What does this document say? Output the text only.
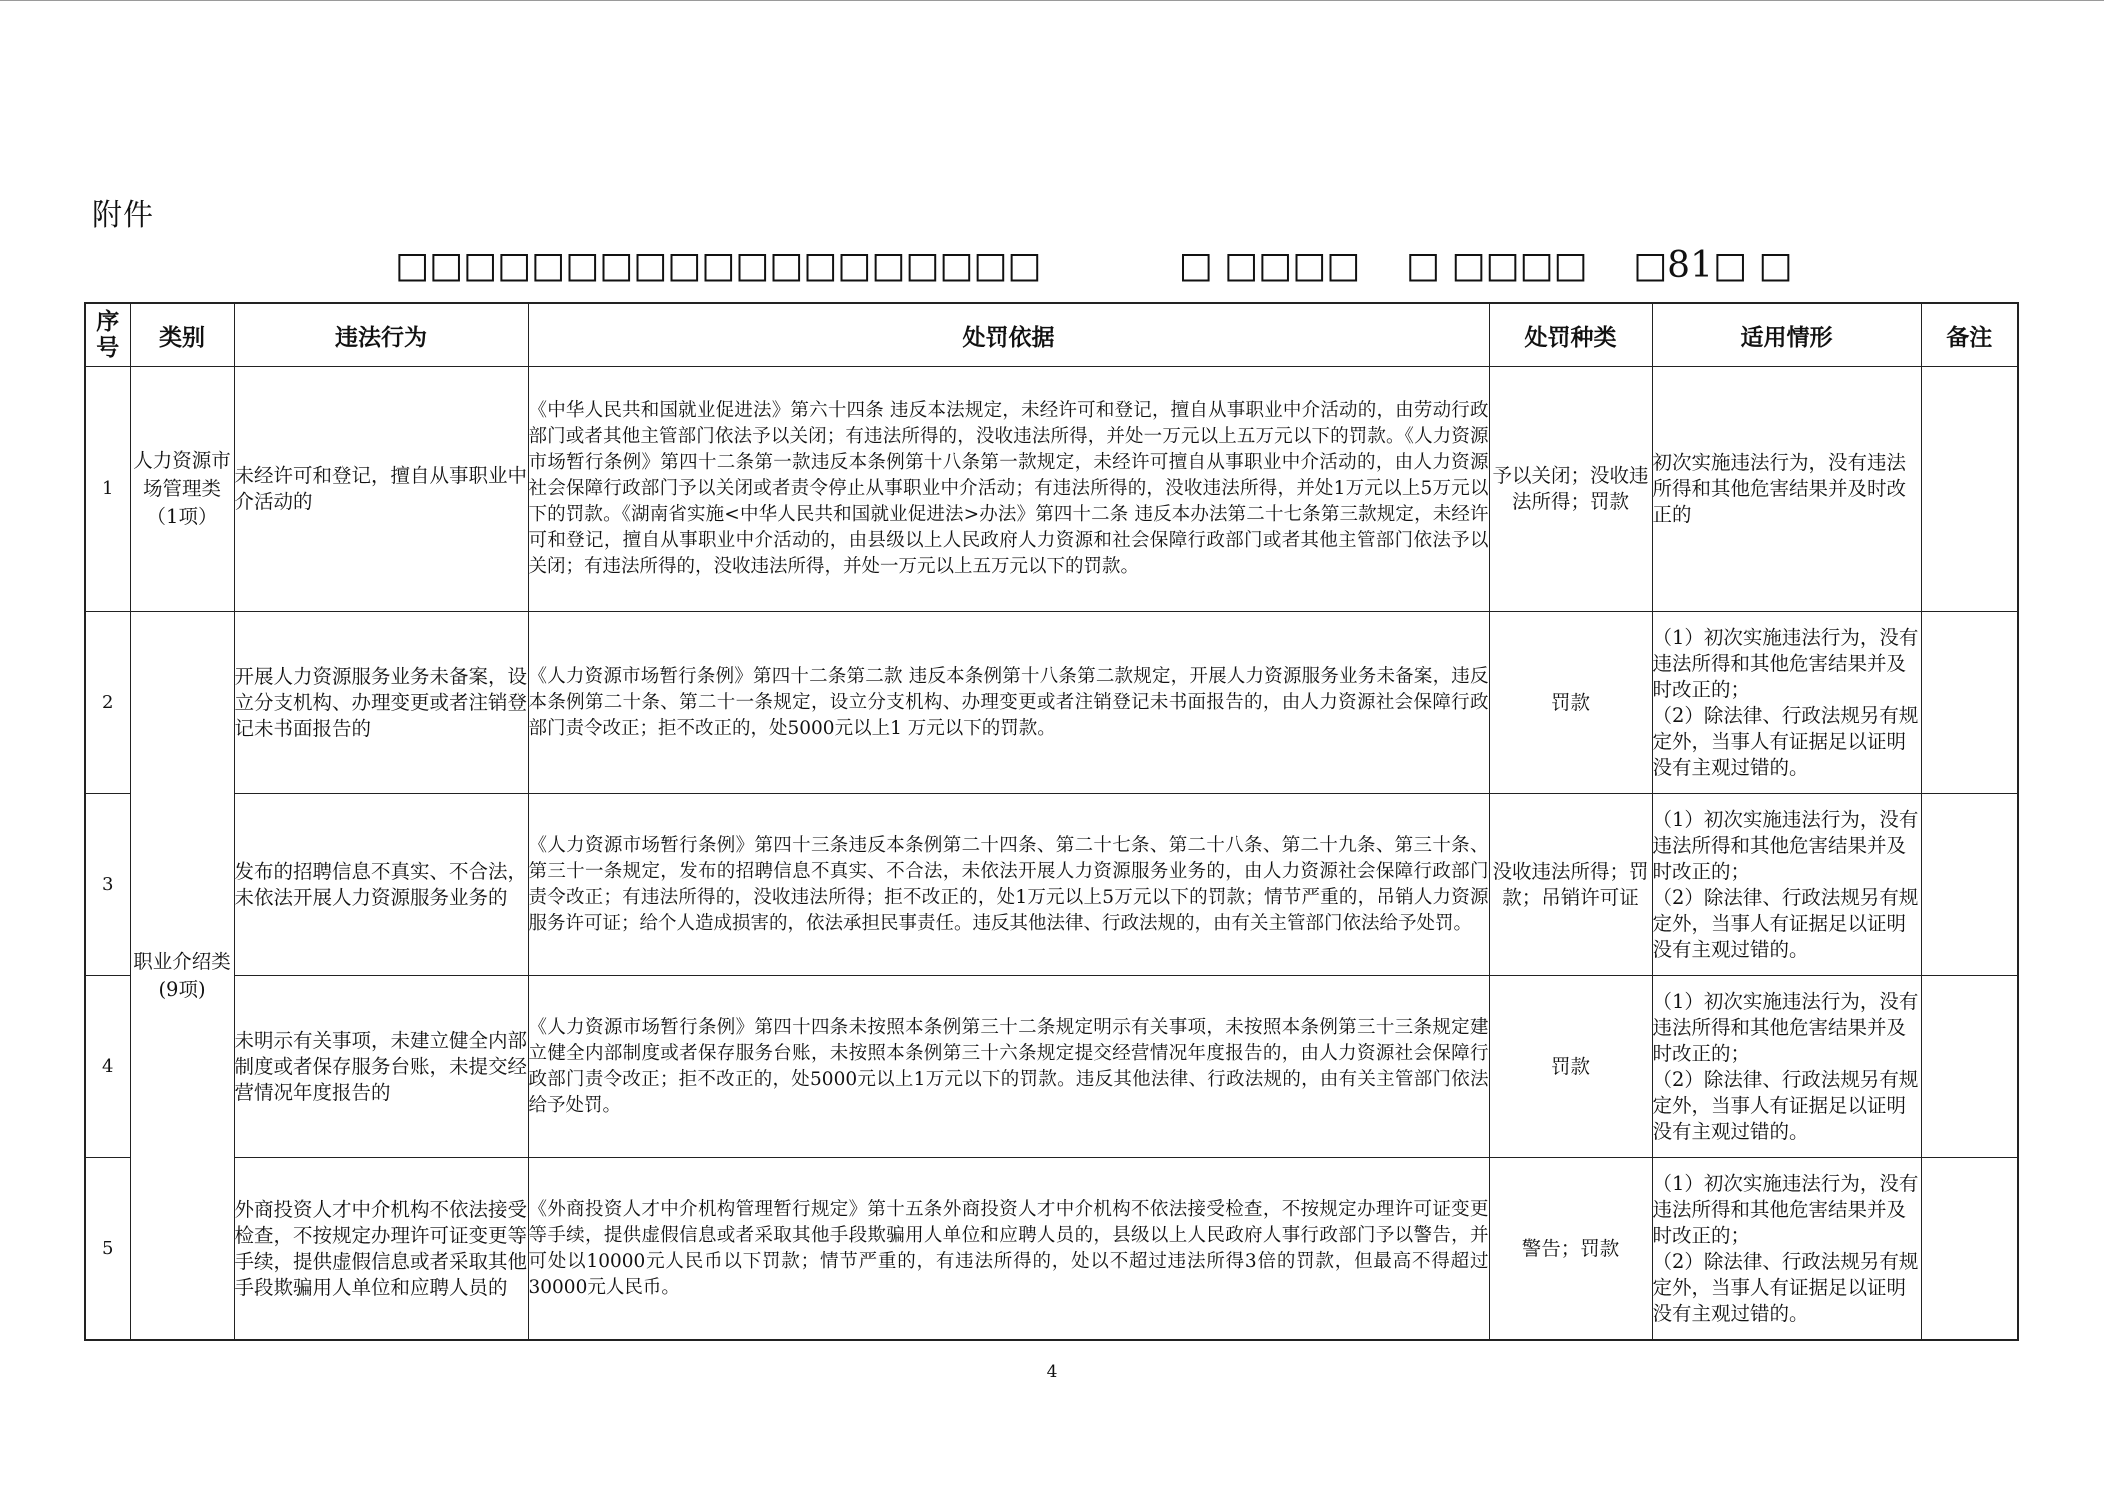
附件
□□□□□□□□□□□□□□□□□□□            □ □□□□    □ □□□□    □81□ □
序号	类别	违法行为	处罚依据	处罚种类	适用情形	备注
1	人力资源市场管理类（1项）	未经许可和登记，擅自从事职业中介活动的	《中华人民共和国就业促进法》第六十四条 违反本法规定，未经许可和登记，擅自从事职业中介活动的，由劳动行政部门或者其他主管部门依法予以关闭；有违法所得的，没收违法所得，并处一万元以上五万元以下的罚款。《人力资源市场暂行条例》第四十二条第一款违反本条例第十八条第一款规定，未经许可擅自从事职业中介活动的，由人力资源社会保障行政部门予以关闭或者责令停止从事职业中介活动；有违法所得的，没收违法所得，并处1万元以上5万元以下的罚款。《湖南省实施<中华人民共和国就业促进法>办法》第四十二条 违反本办法第二十七条第三款规定，未经许可和登记，擅自从事职业中介活动的，由县级以上人民政府人力资源和社会保障行政部门或者其他主管部门依法予以关闭；有违法所得的，没收违法所得，并处一万元以上五万元以下的罚款。	予以关闭；没收违法所得；罚款	初次实施违法行为，没有违法所得和其他危害结果并及时改正的	
2	职业介绍类(9项)	开展人力资源服务业务未备案，设立分支机构、办理变更或者注销登记未书面报告的	《人力资源市场暂行条例》第四十二条第二款 违反本条例第十八条第二款规定，开展人力资源服务业务未备案，违反本条例第二十条、第二十一条规定，设立分支机构、办理变更或者注销登记未书面报告的，由人力资源社会保障行政部门责令改正；拒不改正的，处5000元以上1 万元以下的罚款。	罚款	（1）初次实施违法行为，没有违法所得和其他危害结果并及时改正的；
（2）除法律、行政法规另有规定外，当事人有证据足以证明没有主观过错的。	
3		发布的招聘信息不真实、不合法，未依法开展人力资源服务业务的	《人力资源市场暂行条例》第四十三条违反本条例第二十四条、第二十七条、第二十八条、第二十九条、第三十条、第三十一条规定，发布的招聘信息不真实、不合法，未依法开展人力资源服务业务的，由人力资源社会保障行政部门责令改正；有违法所得的，没收违法所得；拒不改正的，处1万元以上5万元以下的罚款；情节严重的，吊销人力资源服务许可证；给个人造成损害的，依法承担民事责任。违反其他法律、行政法规的，由有关主管部门依法给予处罚。	没收违法所得；罚款；吊销许可证	（1）初次实施违法行为，没有违法所得和其他危害结果并及时改正的；
（2）除法律、行政法规另有规定外，当事人有证据足以证明没有主观过错的。	
4		未明示有关事项，未建立健全内部制度或者保存服务台账，未提交经营情况年度报告的	《人力资源市场暂行条例》第四十四条未按照本条例第三十二条规定明示有关事项，未按照本条例第三十三条规定建立健全内部制度或者保存服务台账，未按照本条例第三十六条规定提交经营情况年度报告的，由人力资源社会保障行政部门责令改正；拒不改正的，处5000元以上1万元以下的罚款。违反其他法律、行政法规的，由有关主管部门依法给予处罚。	罚款	（1）初次实施违法行为，没有违法所得和其他危害结果并及时改正的；
（2）除法律、行政法规另有规定外，当事人有证据足以证明没有主观过错的。	
5		外商投资人才中介机构不依法接受检查，不按规定办理许可证变更等手续，提供虚假信息或者采取其他手段欺骗用人单位和应聘人员的	《外商投资人才中介机构管理暂行规定》第十五条外商投资人才中介机构不依法接受检查，不按规定办理许可证变更等手续，提供虚假信息或者采取其他手段欺骗用人单位和应聘人员的，县级以上人民政府人事行政部门予以警告，并可处以10000元人民币以下罚款；情节严重的，有违法所得的，处以不超过违法所得3倍的罚款，但最高不得超过30000元人民币。	警告；罚款	（1）初次实施违法行为，没有违法所得和其他危害结果并及时改正的；
（2）除法律、行政法规另有规定外，当事人有证据足以证明没有主观过错的。	
4
